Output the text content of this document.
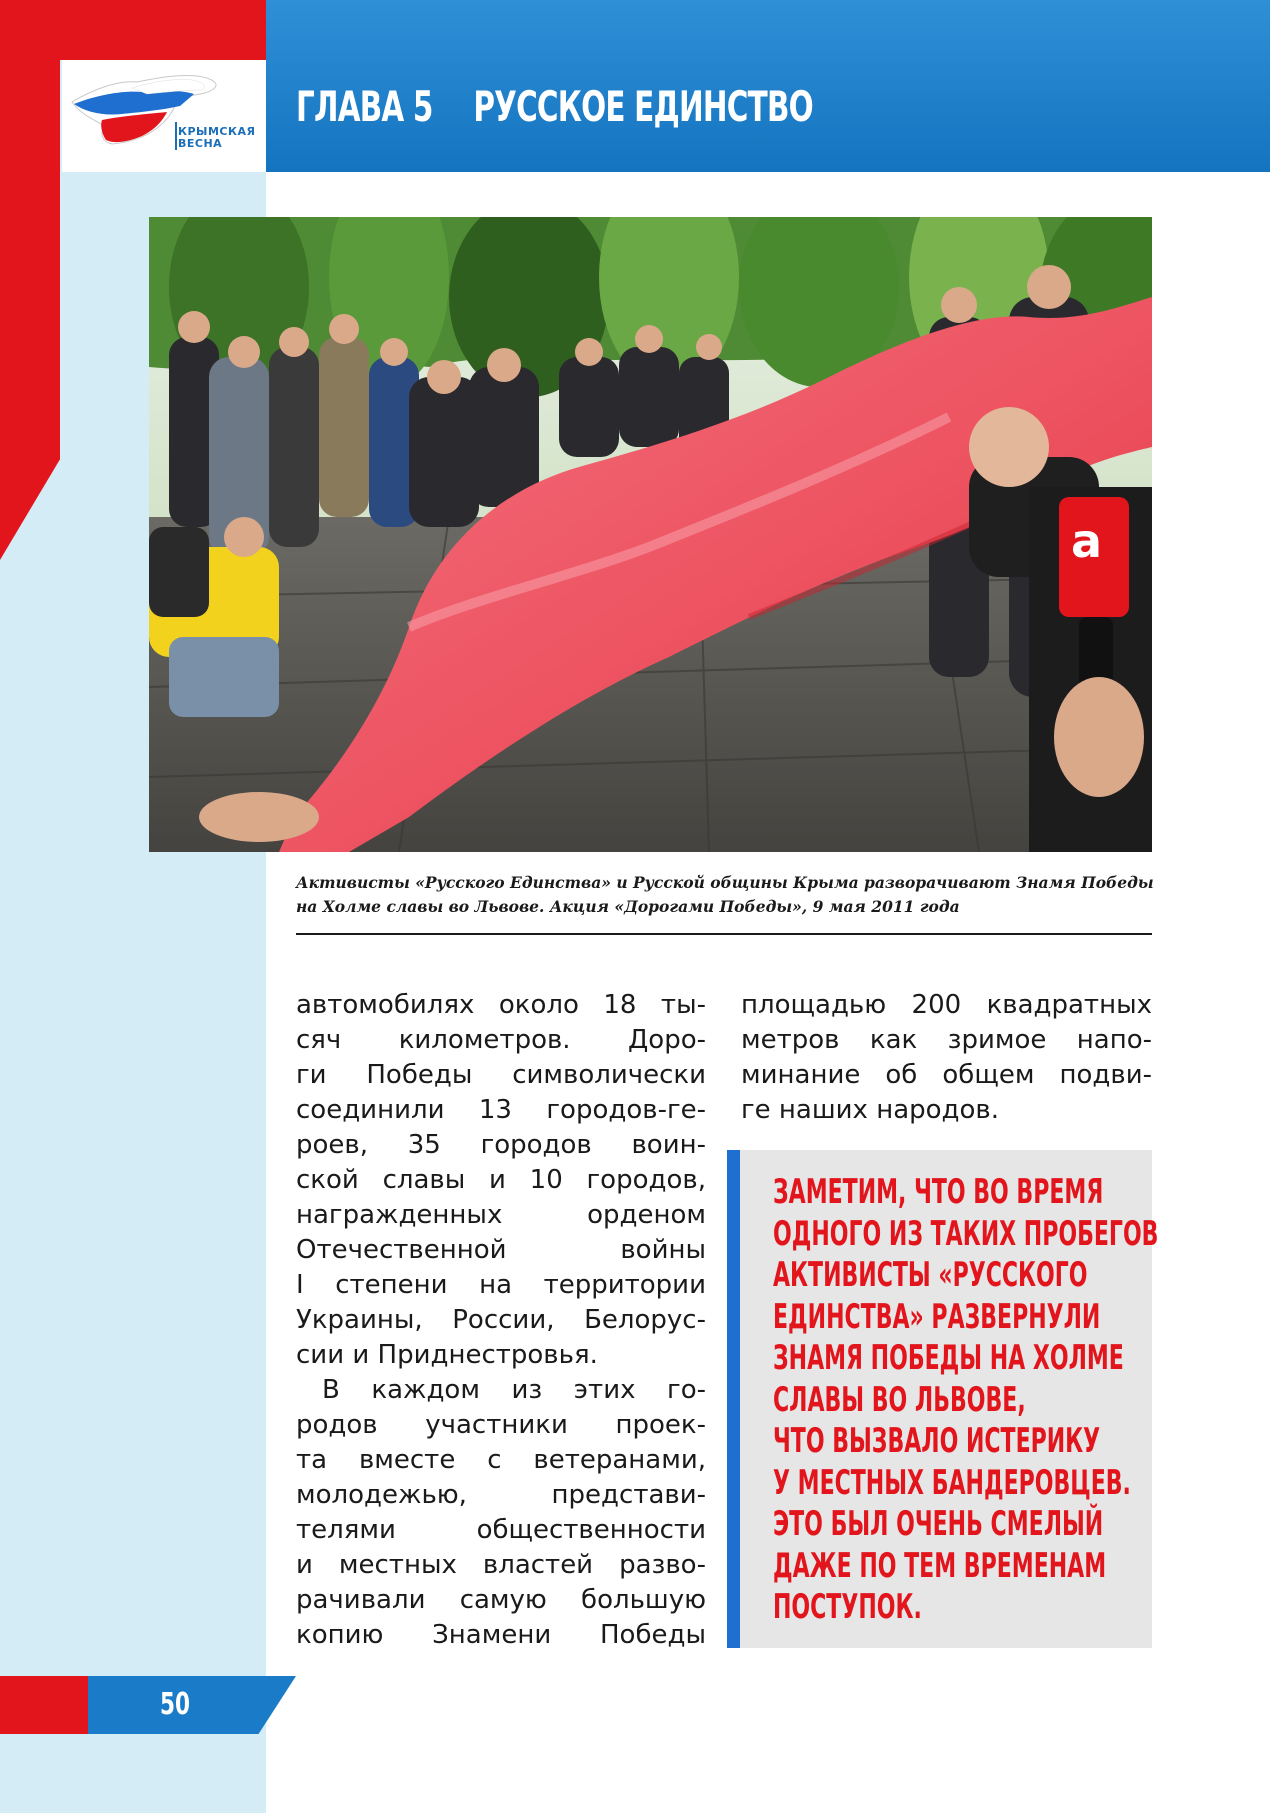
ГЛАВА 5 РУССКОЕ ЕДИНСТВО
КРЫМСКАЯ
ВЕСНА
а
Активисты «Русского Единства» и Русской общины Крыма разворачивают Знамя Победы
на Холме славы во Львове. Акция «Дорогами Победы», 9 мая 2011 года
автомобилях около 18 ты-
сяч километров. Доро-
ги Победы символически
соединили 13 городов-ге-
роев, 35 городов воин-
ской славы и 10 городов,
награжденных	орденом
Отечественной	войны
I степени на территории
Украины, России, Белорус-
сии и Приднестровья.
В каждом из этих го-
родов участники проек-
та вместе с ветеранами,
молодежью,	представи-
телями	общественности
и местных властей разво-
рачивали самую большую
копию Знамени Победы
площадью 200 квадратных
метров как зримое напо-
минание об общем подви-
ге наших народов.
ЗАМЕТИМ, ЧТО ВО ВРЕМЯ
ОДНОГО ИЗ ТАКИХ ПРОБЕГОВ
АКТИВИСТЫ «РУССКОГО
ЕДИНСТВА» РАЗВЕРНУЛИ
ЗНАМЯ ПОБЕДЫ НА ХОЛМЕ
СЛАВЫ ВО ЛЬВОВЕ,
ЧТО ВЫЗВАЛО ИСТЕРИКУ
У МЕСТНЫХ БАНДЕРОВЦЕВ.
ЭТО БЫЛ ОЧЕНЬ СМЕЛЫЙ
ДАЖЕ ПО ТЕМ ВРЕМЕНАМ
ПОСТУПОК.
50
